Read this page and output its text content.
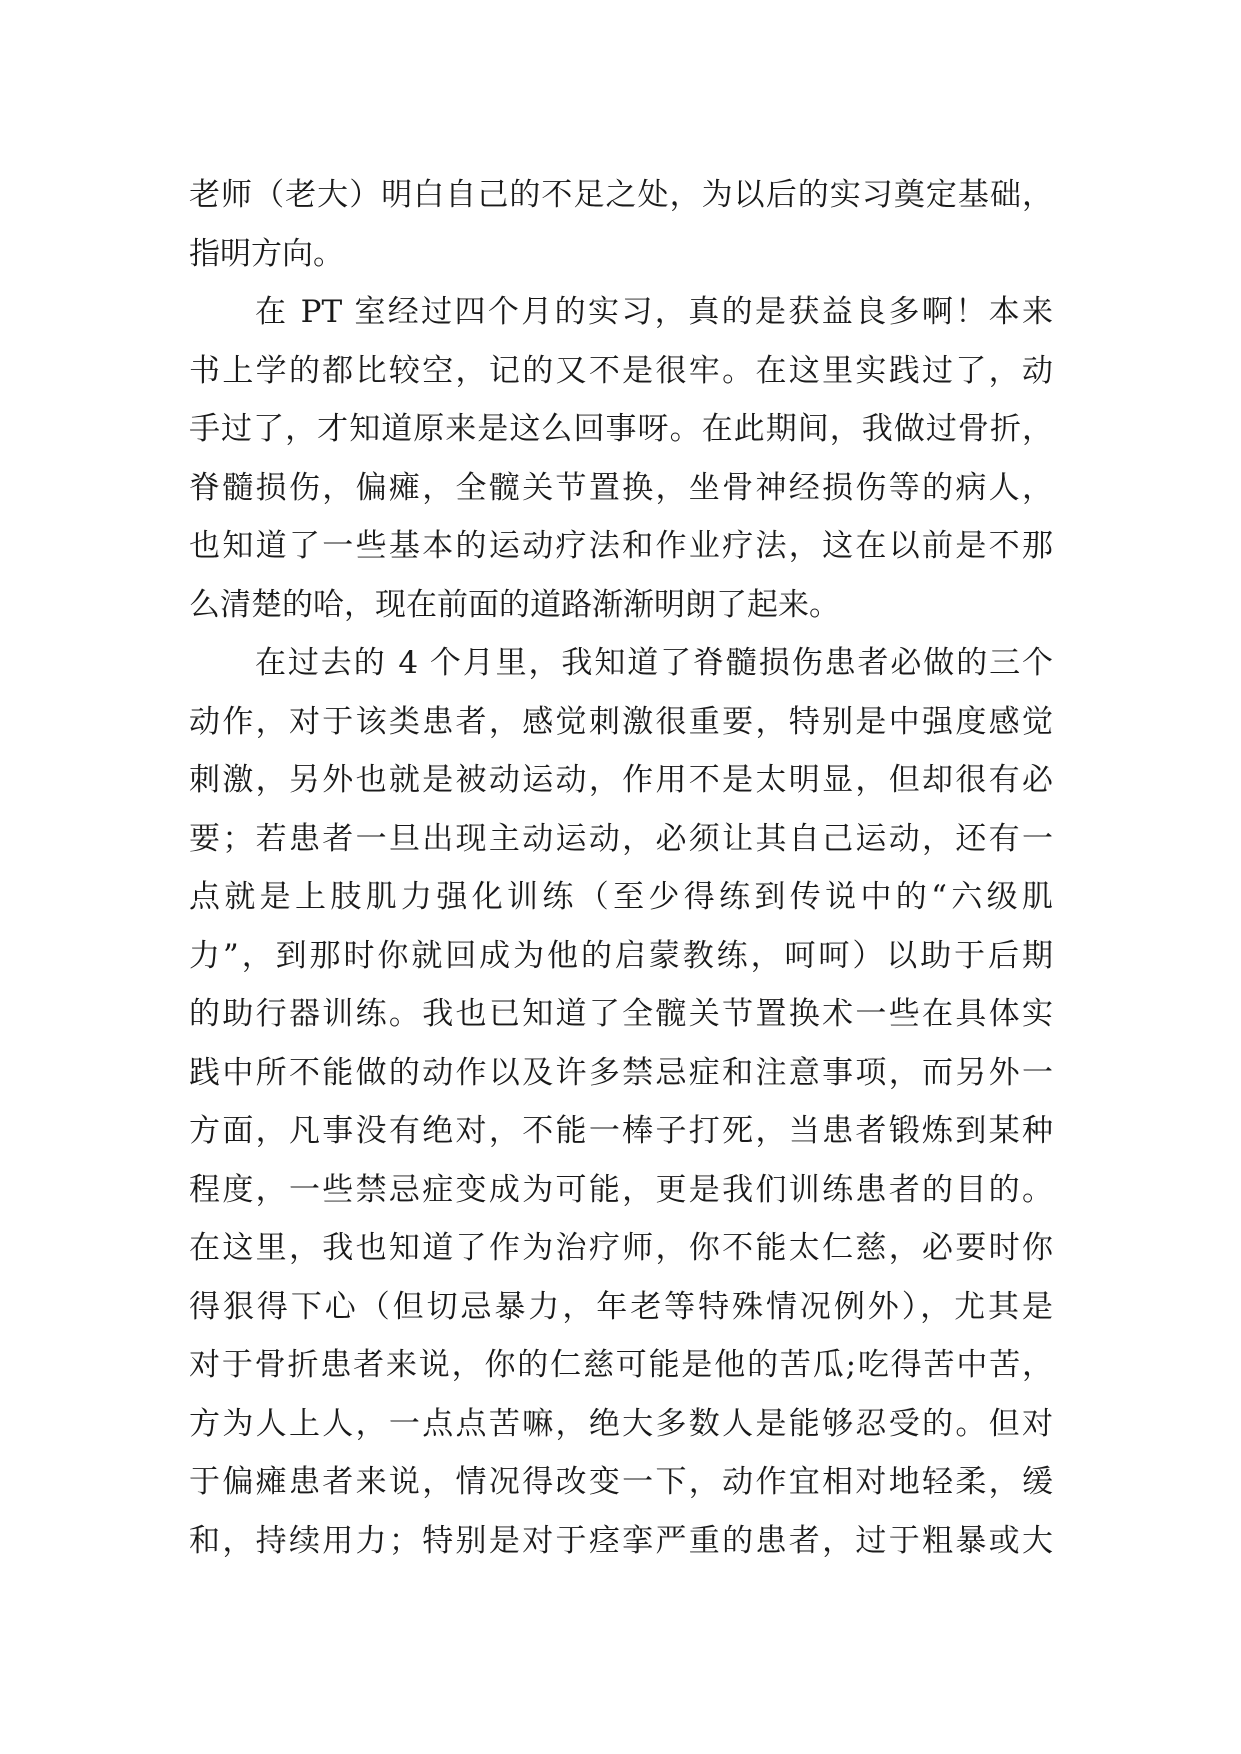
老师（老大）明白自己的不足之处，为以后的实习奠定基础，
指明方向。
在 PT 室经过四个月的实习，真的是获益良多啊！本来
书上学的都比较空，记的又不是很牢。在这里实践过了，动
手过了，才知道原来是这么回事呀。在此期间，我做过骨折，
脊髓损伤，偏瘫，全髋关节置换，坐骨神经损伤等的病人，
也知道了一些基本的运动疗法和作业疗法，这在以前是不那
么清楚的哈，现在前面的道路渐渐明朗了起来。
在过去的 4 个月里，我知道了脊髓损伤患者必做的三个
动作，对于该类患者，感觉刺激很重要，特别是中强度感觉
刺激，另外也就是被动运动，作用不是太明显，但却很有必
要；若患者一旦出现主动运动，必须让其自己运动，还有一
点就是上肢肌力强化训练（至少得练到传说中的“六级肌
力”，到那时你就回成为他的启蒙教练，呵呵）以助于后期
的助行器训练。我也已知道了全髋关节置换术一些在具体实
践中所不能做的动作以及许多禁忌症和注意事项，而另外一
方面，凡事没有绝对，不能一棒子打死，当患者锻炼到某种
程度，一些禁忌症变成为可能，更是我们训练患者的目的。
在这里，我也知道了作为治疗师，你不能太仁慈，必要时你
得狠得下心（但切忌暴力，年老等特殊情况例外），尤其是
对于骨折患者来说，你的仁慈可能是他的苦瓜;吃得苦中苦，
方为人上人，一点点苦嘛，绝大多数人是能够忍受的。但对
于偏瘫患者来说，情况得改变一下，动作宜相对地轻柔，缓
和，持续用力；特别是对于痉挛严重的患者，过于粗暴或大
